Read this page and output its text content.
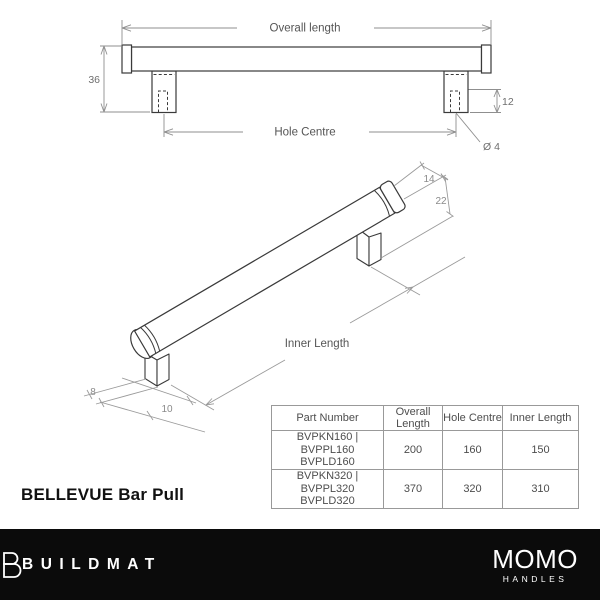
Overall length
36
12
Hole Centre
Ø 4
14
22
Inner Length
8
10
Part Number	Overall Length	Hole Centre	Inner Length
BVPKN160 | BVPPL160
BVPLD160	200	160	150
BVPKN320 | BVPPL320
BVPLD320	370	320	310
BELLEVUE Bar Pull
BUILDMAT	MOMO
HANDLES
